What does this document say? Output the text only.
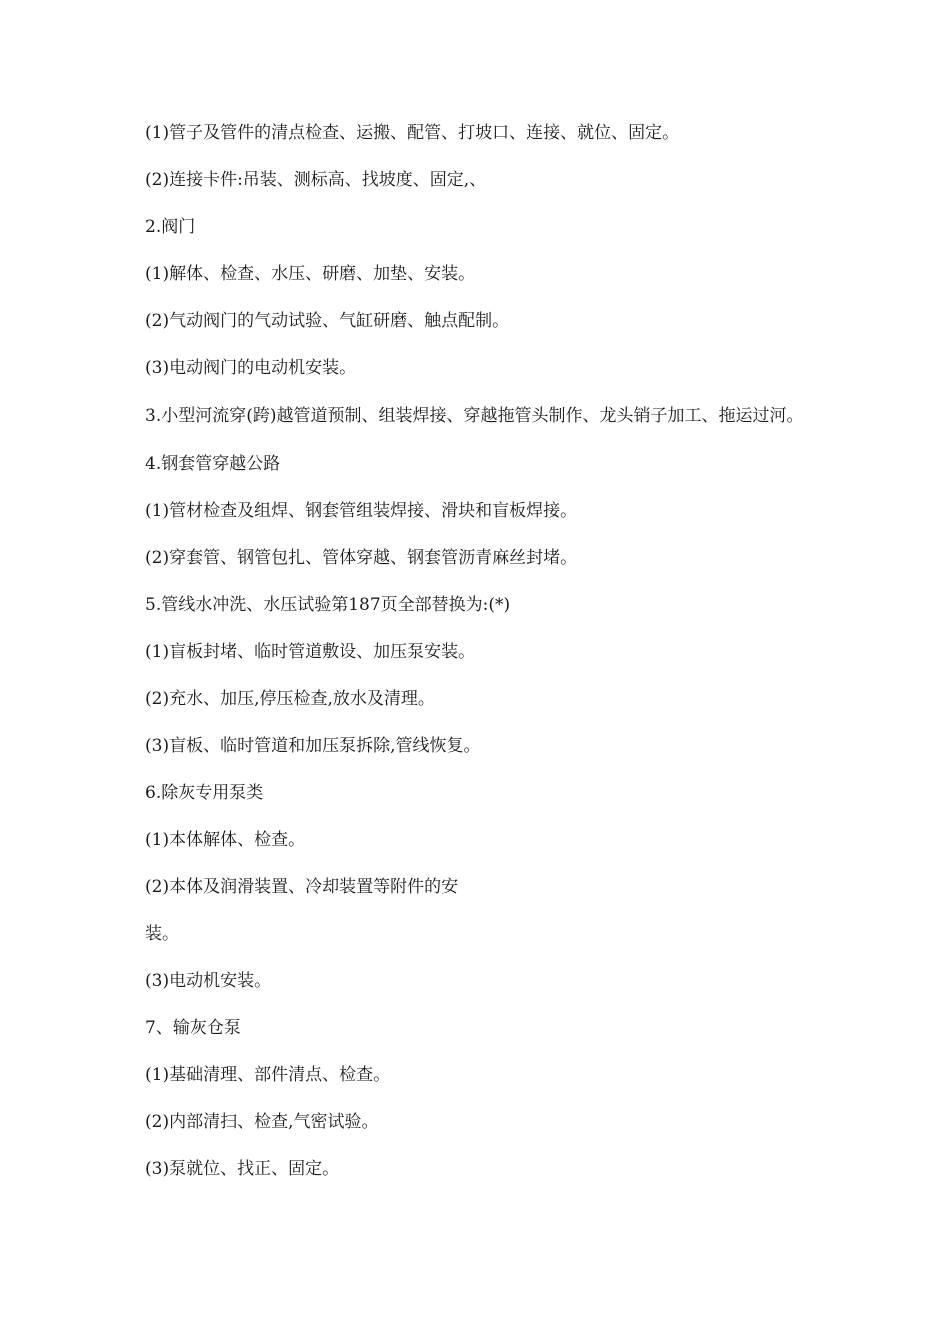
(1)管子及管件的清点检查、运搬、配管、打坡口、连接、就位、固定。

(2)连接卡件:吊装、测标高、找坡度、固定,、

2.阀门

(1)解体、检查、水压、研磨、加垫、安装。

(2)气动阀门的气动试验、气缸研磨、触点配制。

(3)电动阀门的电动机安装。

3.小型河流穿(跨)越管道预制、组装焊接、穿越拖管头制作、龙头销子加工、拖运过河。

4.钢套管穿越公路

(1)管材检查及组焊、钢套管组装焊接、滑块和盲板焊接。

(2)穿套管、钢管包扎、管体穿越、钢套管沥青麻丝封堵。

5.管线水冲洗、水压试验第187页全部替换为:(*)

(1)盲板封堵、临时管道敷设、加压泵安装。

(2)充水、加压,停压检查,放水及清理。

(3)盲板、临时管道和加压泵拆除,管线恢复。

6.除灰专用泵类

(1)本体解体、检查。

(2)本体及润滑装置、冷却装置等附件的安

装。

(3)电动机安装。

7、输灰仓泵

(1)基础清理、部件清点、检查。

(2)内部清扫、检查,气密试验。

(3)泵就位、找正、固定。
